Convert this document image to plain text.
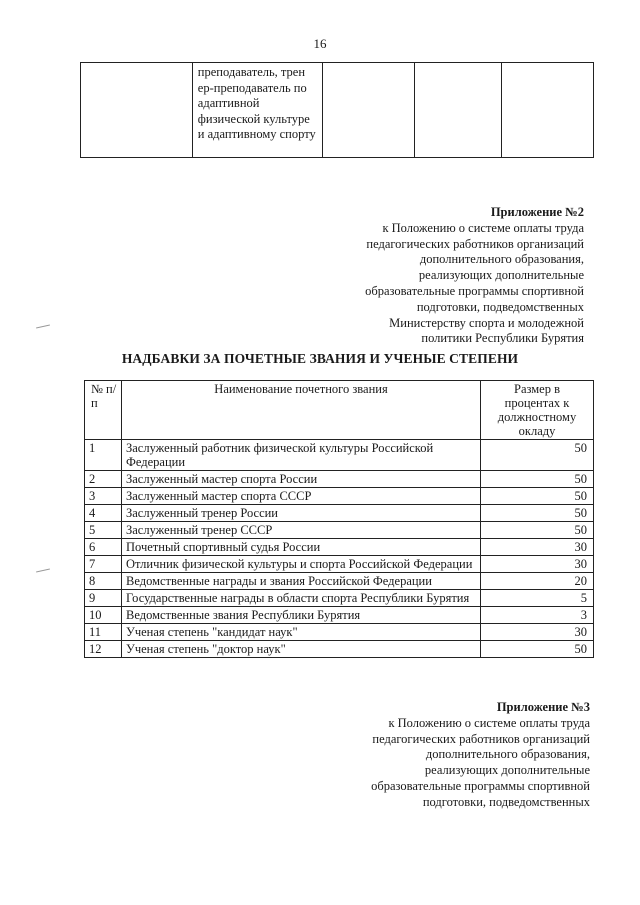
16
	преподаватель, трен ер-преподаватель по адаптивной физической культуре и адаптивному спорту			
Приложение №2
к Положению о системе оплаты труда
педагогических работников организаций
дополнительного образования,
реализующих дополнительные
образовательные программы спортивной
подготовки, подведомственных
Министерству спорта и молодежной
политики Республики Бурятия
НАДБАВКИ ЗА ПОЧЕТНЫЕ ЗВАНИЯ И УЧЕНЫЕ СТЕПЕНИ
№ п/п	Наименование почетного звания	Размер в процентах к должностному окладу
1	Заслуженный работник физической культуры Российской Федерации	50
2	Заслуженный мастер спорта России	50
3	Заслуженный мастер спорта СССР	50
4	Заслуженный тренер России	50
5	Заслуженный тренер СССР	50
6	Почетный спортивный судья России	30
7	Отличник физической культуры и спорта Российской Федерации	30
8	Ведомственные награды и звания Российской Федерации	20
9	Государственные награды в области спорта Республики Бурятия	5
10	Ведомственные звания Республики Бурятия	3
11	Ученая степень "кандидат наук"	30
12	Ученая степень "доктор наук"	50
Приложение №3
к Положению о системе оплаты труда
педагогических работников организаций
дополнительного образования,
реализующих дополнительные
образовательные программы спортивной
подготовки, подведомственных
